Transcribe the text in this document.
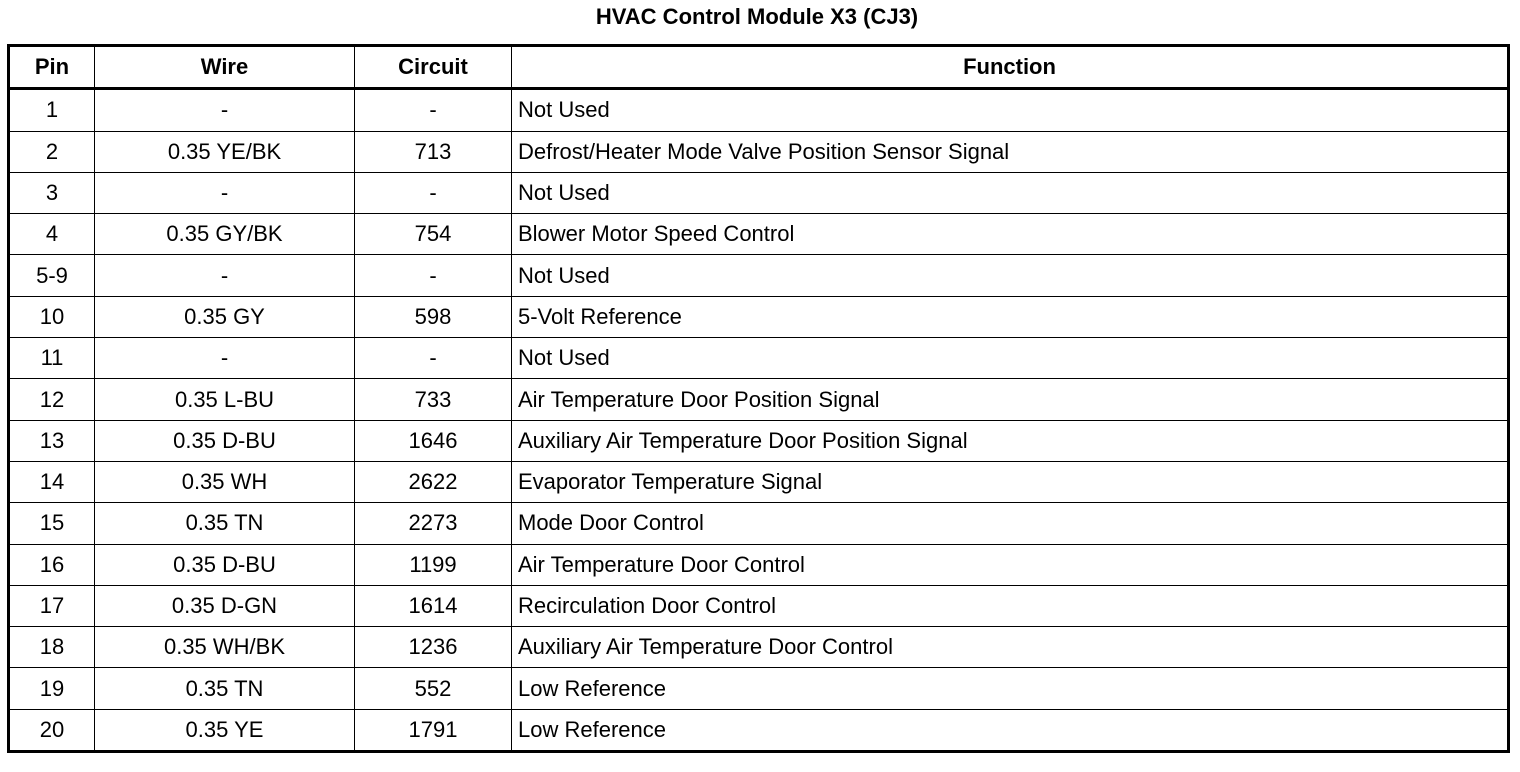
HVAC Control Module X3 (CJ3)
Pin	Wire	Circuit	Function
1	-	-	Not Used
2	0.35 YE/BK	713	Defrost/Heater Mode Valve Position Sensor Signal
3	-	-	Not Used
4	0.35 GY/BK	754	Blower Motor Speed Control
5-9	-	-	Not Used
10	0.35 GY	598	5-Volt Reference
11	-	-	Not Used
12	0.35 L-BU	733	Air Temperature Door Position Signal
13	0.35 D-BU	1646	Auxiliary Air Temperature Door Position Signal
14	0.35 WH	2622	Evaporator Temperature Signal
15	0.35 TN	2273	Mode Door Control
16	0.35 D-BU	1199	Air Temperature Door Control
17	0.35 D-GN	1614	Recirculation Door Control
18	0.35 WH/BK	1236	Auxiliary Air Temperature Door Control
19	0.35 TN	552	Low Reference
20	0.35 YE	1791	Low Reference
